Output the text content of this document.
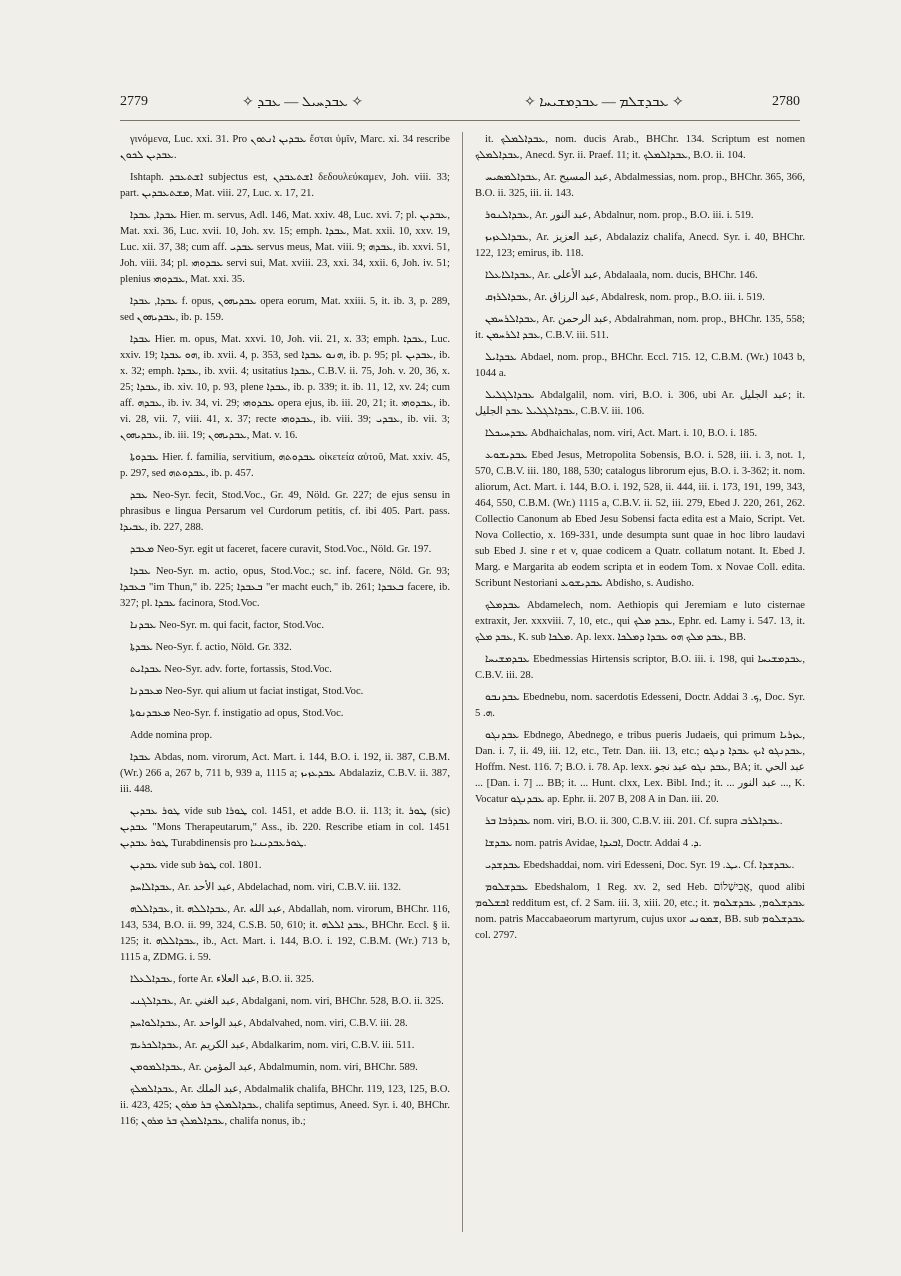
2779	✧ ܥܒܕܚܝܠ — ܥܒܕ ✧	✧ ܥܒܕܫܠܡ — ܥܒܕܡܫܝܚܐ ✧	2780

γινόμενα, Luc. xxi. 31. Pro ܥܒܕܝܢ ܐܢܬܘܢ ἔσται ὑμῖν, Marc. xi. 34 rescribe ܥܒܕܝܢ ܠܟܘܢ.

Ishtaph. ܐܫܬܥܒܕ subjectus est, ܐܫܬܥܒܕܢ δεδουλεύκαμεν, Joh. viii. 33; part. ܡܫܬܥܒܕܝܢ, Mat. viii. 27, Luc. x. 17, 21.

ܥܒܕܐ, ܥܒܕܐ Hier. m. servus, Adl. 146, Mat. xxiv. 48, Luc. xvi. 7; pl. ܥܒܕܝܢ, Mat. xxi. 36, Luc. xvii. 10, Joh. xv. 15; emph. ܥܒܕܐ, Mat. xxii. 10, xxv. 19, Luc. xii. 37, 38; cum aff. ܥܒܕܝ servus meus, Mat. viii. 9; ܥܒܕܗ, ib. xxvi. 51, Joh. viii. 34; pl. ܥܒܕܘܗܝ servi sui, Mat. xviii. 23, xxi. 34, xxii. 6, Joh. iv. 51; plenius ܥܒܕܘܗܝ, Mat. xxi. 35.

ܥܒܕܐ, ܥܒܕܐ f. opus, ܥܒܕܝܗܘܢ opera eorum, Mat. xxiii. 5, it. ib. 3, p. 289, sed ܥܒܕܝܗܘܢ, ib. p. 159.

ܥܒܕܐ Hier. m. opus, Mat. xxvi. 10, Joh. vii. 21, x. 33; emph. ܥܒܕܐ, Luc. xxiv. 19; ܗܘ ܥܒܕܐ, ib. xvii. 4, p. 353, sed ܗܢܘ ܥܒܕܐ, ib. p. 95; pl. ܥܒܕܝܢ, ib. x. 32; emph. ܥܒܕܐ, ib. xvii. 4; usitatius ܥܒܕܐ, C.B.V. ii. 75, Joh. v. 20, 36, x. 25; ܥܒܕܐ, ib. xiv. 10, p. 93, plene ܥܒܕܐ, ib. p. 339; it. ib. 11, 12, xv. 24; cum aff. ܥܒܕܗ, ib. iv. 34, vi. 29; ܥܒܕܘܗܝ opera ejus, ib. iii. 20, 21; it. ܥܒܕܘܗܝ, ib. vi. 28, vii. 7, viii. 41, x. 37; recte ܥܒܕܘܗܝ, ib. viii. 39; ܥܒܕܝ, ib. vii. 3; ܥܒܕܝܗܘܢ, ib. iii. 19; ܥܒܕܝܗܘܢ, Mat. v. 16.

ܥܒܕܘܬܐ Hier. f. familia, servitium, ܥܒܕܘܬܗ οἰκετεία αὐτοῦ, Mat. xxiv. 45, p. 297, sed ܥܒܕܘܬܗ, ib. p. 457.

ܥܒܕ Neo-Syr. fecit, Stod.Voc., Gr. 49, Nöld. Gr. 227; de ejus sensu in phrasibus e lingua Persarum vel Curdorum petitis, cf. ibi 405. Part. pass. ܥܒܝܕܐ, ib. 227, 288.

ܡܥܒܕ Neo-Syr. egit ut faceret, facere curavit, Stod.Voc., Nöld. Gr. 197.

ܥܒܕܐ Neo-Syr. m. actio, opus, Stod.Voc.; sc. inf. facere, Nöld. Gr. 93; ܒܥܒܕܐ "im Thun," ib. 225; ܒܥܒܕܐ "er macht euch," ib. 261; ܒܥܒܕܐ facere, ib. 327; pl. ܥܒܕܐ facinora, Stod.Voc.

ܥܒܕܢܐ Neo-Syr. m. qui facit, factor, Stod.Voc.

ܥܒܕܬܐ Neo-Syr. f. actio, Nöld. Gr. 332.

ܥܒܕܐܝܬ Neo-Syr. adv. forte, fortassis, Stod.Voc.

ܡܥܒܕܢܐ Neo-Syr. qui alium ut faciat instigat, Stod.Voc.

ܡܥܒܕܢܘܬܐ Neo-Syr. f. instigatio ad opus, Stod.Voc.

Adde nomina prop.

ܥܒܕܐ Abdas, nom. virorum, Act. Mart. i. 144, B.O. i. 192, ii. 387, C.B.M. (Wr.) 266 a, 267 b, 711 b, 939 a, 1115 a; ܥܒܕܥܙܝܙ Abdalaziz, C.B.V. ii. 387, iii. 448.

ܛܘܪ ܥܒܕܝܢ vide sub ܛܘܪܐ col. 1451, et adde B.O. ii. 113; it. ܛܘܪ (sic) ܥܒܕܝܢ "Mons Therapeutarum," Ass., ib. 220. Rescribe etiam in col. 1451 ܛܘܪ ܥܒܕܝܢ Turabdinensis pro ܛܘܪܥܒܕܝܢܝܐ.

ܥܒܕܝܢ vide sub ܛܘܪ col. 1801.

ܥܒܕܐܠܐܚܕ, Ar. عبد الأحد, Abdelachad, nom. viri, C.B.V. iii. 132.

ܥܒܕܐܠܠܗ, it. ܥܒܕܐܠܠܗ, Ar. عبد الله, Abdallah, nom. virorum, BHChr. 116, 143, 534, B.O. ii. 99, 324, C.S.B. 50, 610; it. ܥܒܕ ܐܠܠܗ, BHChr. Eccl. § ii. 125; it. ܥܒܕܐܠܠܗ, ib., Act. Mart. i. 144, B.O. i. 192, C.B.M. (Wr.) 713 b, 1115 a, ZDMG. i. 59.

ܥܒܕܐܠܥܠܐ, forte Ar. عبد العلاء, B.O. ii. 325.

ܥܒܕܐܠܓܢܝ, Ar. عبد الغني, Abdalgani, nom. viri, BHChr. 528, B.O. ii. 325.

ܥܒܕܐܠܘܐܚܕ, Ar. عبد الواحد, Abdalvahed, nom. viri, C.B.V. iii. 28.

ܥܒܕܐܠܟܪܝܡ, Ar. عبد الكريم, Abdalkarim, nom. viri, C.B.V. iii. 511.

ܥܒܕܐܠܡܘܡܢ, Ar. عبد المؤمن, Abdalmumin, nom. viri, BHChr. 589.

ܥܒܕܐܠܡܠܟ, Ar. عبد الملك, Abdalmalik chalifa, BHChr. 119, 123, 125, B.O. ii. 423, 425; ܥܒܕܐܠܡܠܟ ܒܪ ܡܪܘܢ, chalifa septimus, Aneed. Syr. i. 40, BHChr. 116; ܥܒܕܐܠܡܠܟ ܒܪ ܡܪܘܢ, chalifa nonus, ib.;

it. ܥܒܕܐܠܡܠܟ, nom. ducis Arab., BHChr. 134. Scriptum est nomen ܥܒܕܐܠܡܠܟ, Anecd. Syr. ii. Praef. 11; it. ܥܒܕܐܠܡܠܟ, B.O. ii. 104.

ܥܒܕܐܠܡܣܝܚ, Ar. عبد المسيح, Abdalmessias, nom. prop., BHChr. 365, 366, B.O. ii. 325, iii. ii. 143.

ܥܒܕܐܠܢܘܪ, Ar. عبد النور, Abdalnur, nom. prop., B.O. iii. i. 519.

ܥܒܕܐܠܥܙܝܙ, Ar. عبد العزيز, Abdalaziz chalifa, Anecd. Syr. i. 40, BHChr. 122, 123; emirus, ib. 118.

ܥܒܕܐܠܐܥܠܐ, Ar. عبد الأعلى, Abdalaala, nom. ducis, BHChr. 146.

ܥܒܕܐܠܪܙܩ, Ar. عبد الرزاق, Abdalresk, nom. prop., B.O. iii. i. 519.

ܥܒܕܐܠܪܚܡܢ, Ar. عبد الرحمن, Abdalrahman, nom. prop., BHChr. 135, 558; it. ܥܒܕ ܐܠܪܚܡܢ, C.B.V. iii. 511.

ܥܒܕܐܝܠ Abdael, nom. prop., BHChr. Eccl. 715. 12, C.B.M. (Wr.) 1043 b, 1044 a.

ܥܒܕܐܠܓܠܝܠ Abdalgalil, nom. viri, B.O. i. 306, ubi Ar. عبد الجليل; it. ܥܒܕܐܠܓܠܝܠ ܥܒܕ الجليل, C.B.V. iii. 106.

ܥܒܕܚܝܟܠܐ Abdhaichalas, nom. viri, Act. Mart. i. 10, B.O. i. 185.

ܥܒܕܝܫܘܥ Ebed Jesus, Metropolita Sobensis, B.O. i. 528, iii. i. 3, not. 1, 570, C.B.V. iii. 180, 188, 530; catalogus librorum ejus, B.O. i. 3-362; it. nom. aliorum, Act. Mart. i. 144, B.O. i. 192, 528, ii. 444, iii. i. 173, 191, 199, 343, 464, 550, C.B.M. (Wr.) 1115 a, C.B.V. ii. 52, iii. 279, Ebed J. 220, 261, 262. Collectio Canonum ab Ebed Jesu Sobensi facta edita est a Maio, Script. Vet. Nova Collectio, x. 169-331, unde desumpta sunt quae in hoc libro laudavi sub Ebed J. sine r et v, quae codicem a Quatr. collatum notant. It. Ebed J. Marg. e Margarita ab eodem scripta et in eodem Tom. x Novae Coll. edita. Scribunt Nestoriani ܥܒܕܝܫܘܥ Abdisho, s. Audisho.

ܥܒܕܡܠܟ Abdamelech, nom. Aethiopis qui Jeremiam e luto cisternae extraxit, Jer. xxxviii. 7, 10, etc., qui ܥܒܕ ܡܠܟ, Ephr. ed. Lamy i. 547. 13, it. ܥܒܕ ܡܠܟ, K. sub ܡܠܟܐ. Ap. lexx. ܥܒܕ ܡܠܟ ܗܘ ܥܒܕܐ ܕܡܠܟܐ, BB.

ܥܒܕܡܫܝܚܐ Ebedmessias Hirtensis scriptor, B.O. iii. i. 198, qui ܥܒܕܡܫܝܚܐ, C.B.V. iii. 28.

ܥܒܕܢܒܘ Ebednebu, nom. sacerdotis Edesseni, Doctr. Addai ܟ. 3, Doc. Syr. ܗ. 5.

ܥܒܕܢܓܘ Ebdnego, Abednego, e tribus pueris Judaeis, qui primum ܥܙܪܝܐ, Dan. i. 7, ii. 49, iii. 12, etc., Tetr. Dan. iii. 13, etc.; ܥܒܕܢܓܘ ܐܝܟ ܥܒܕܐ ܕܢܓܘ, Hoffm. Nest. 116. 7; B.O. i. 78. Ap. lexx. ܥܒܕ ܢܓܘ عبد نجو, BA; it. عبد الحي ... [Dan. i. 7] ... BB; it. ... Hunt. clxx, Lex. Bibl. Ind.; it. ... عبد النور ..., K. Vocatur ܥܒܕܢܓܘ ap. Ephr. ii. 207 B, 208 A in Dan. iii. 20.

ܥܒܕܪܒܐ ܒܪ nom. viri, B.O. ii. 300, C.B.V. iii. 201. Cf. supra ܥܒܕܐܠܪܒ.

ܥܒܕܫܐ nom. patris Avidae, ܐܒܝܕܐ, Doctr. Addai ܕ. 4.

ܥܒܕܫܕܝ Ebedshaddai, nom. viri Edesseni, Doc. Syr. ܝܛ. 19. Cf. ܥܒܕܫܕܐ.

ܥܒܕܫܠܘܡ Ebedshalom, 1 Reg. xv. 2, sed Heb. אֲבִישָׁלוֹם, quod alibi ܐܒܫܠܘܡ redditum est, cf. 2 Sam. iii. 3, xiii. 20, etc.; it. ܥܒܕܫܠܘܡ, ܥܒܕܫܠܘܡ nom. patris Maccabaeorum martyrum, cujus uxor ܫܡܘܢܝ, BB. sub ܥܒܕܫܠܘܡ col. 2797.
